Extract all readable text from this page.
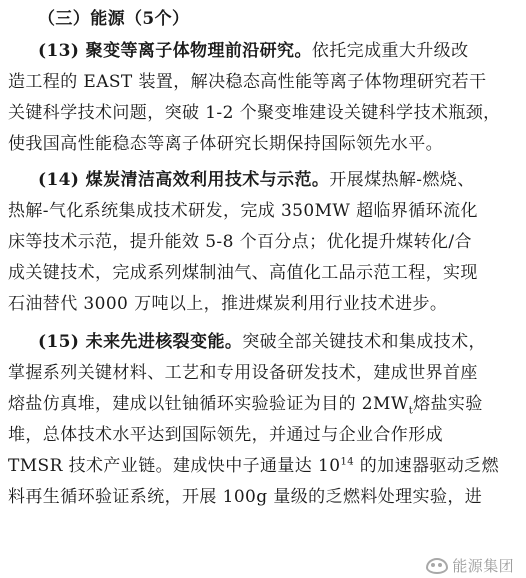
（三）能源（5个）
(13) 聚变等离子体物理前沿研究。依托完成重大升级改
造工程的 EAST 装置，解决稳态高性能等离子体物理研究若干
关键科学技术问题，突破 1-2 个聚变堆建设关键科学技术瓶颈，
使我国高性能稳态等离子体研究长期保持国际领先水平。
(14) 煤炭清洁高效利用技术与示范。开展煤热解-燃烧、
热解-气化系统集成技术研发，完成 350MW 超临界循环流化
床等技术示范，提升能效 5-8 个百分点；优化提升煤转化/合
成关键技术，完成系列煤制油气、高值化工品示范工程，实现
石油替代 3000 万吨以上，推进煤炭利用行业技术进步。
(15) 未来先进核裂变能。突破全部关键技术和集成技术，
掌握系列关键材料、工艺和专用设备研发技术，建成世界首座
熔盐仿真堆，建成以钍铀循环实验验证为目的 $2MW_t$熔盐实验
堆，总体技术水平达到国际领先，并通过与企业合作形成
TMSR 技术产业链。建成快中子通量达 $10^{14}$ 的加速器驱动乏燃
料再生循环验证系统，开展 100g 量级的乏燃料处理实验，进
能源集团
